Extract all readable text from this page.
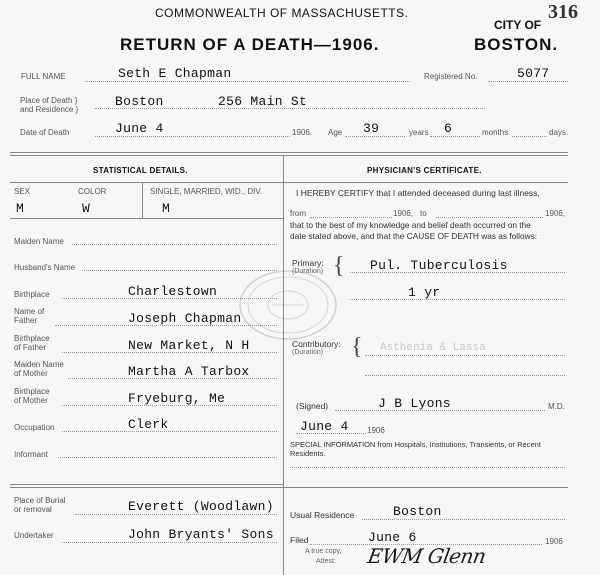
COMMONWEALTH OF MASSACHUSETTS.
RETURN OF A DEATH—1906.
CITY OF
BOSTON.
316
FULL NAME	Seth E Chapman	Registered No.	5077
Place of Death }
and Residence }
Boston	256 Main St
Date of Death	June 4	1906. Age 39	years 6	months	days.
STATISTICAL DETAILS.
SEX	COLOR	SINGLE, MARRIED, WID., DIV.
M	W	M
Maiden Name
Husband's Name
Birthplace	Charlestown
Name of
Father	Joseph Chapman
Birthplace
of Father	New Market, N H
Maiden Name
of Mother	Martha A Tarbox
Birthplace
of Mother	Fryeburg, Me
Occupation	Clerk
Informant
Place of Burial
or removal	Everett (Woodlawn)
Undertaker	John Bryants' Sons
PHYSICIAN'S CERTIFICATE.
I HEREBY CERTIFY that I attended deceased during last illness,
from	1906, to	1906,
that to the best of my knowledge and belief death occurred on the
date stated above, and that the CAUSE OF DEATH was as follows:
Primary:
(Duration) { Pul. Tuberculosis
1 yr
Contributory:
(Duration) { Asthenia & Lassa
(Signed)	J B Lyons	M.D.
June 4 1906
SPECIAL INFORMATION from Hospitals, Institutions, Transients, or Recent
Residents.
Usual Residence	Boston
Filed	June 6	1906
A true copy,
Attest: EWM Glenn
